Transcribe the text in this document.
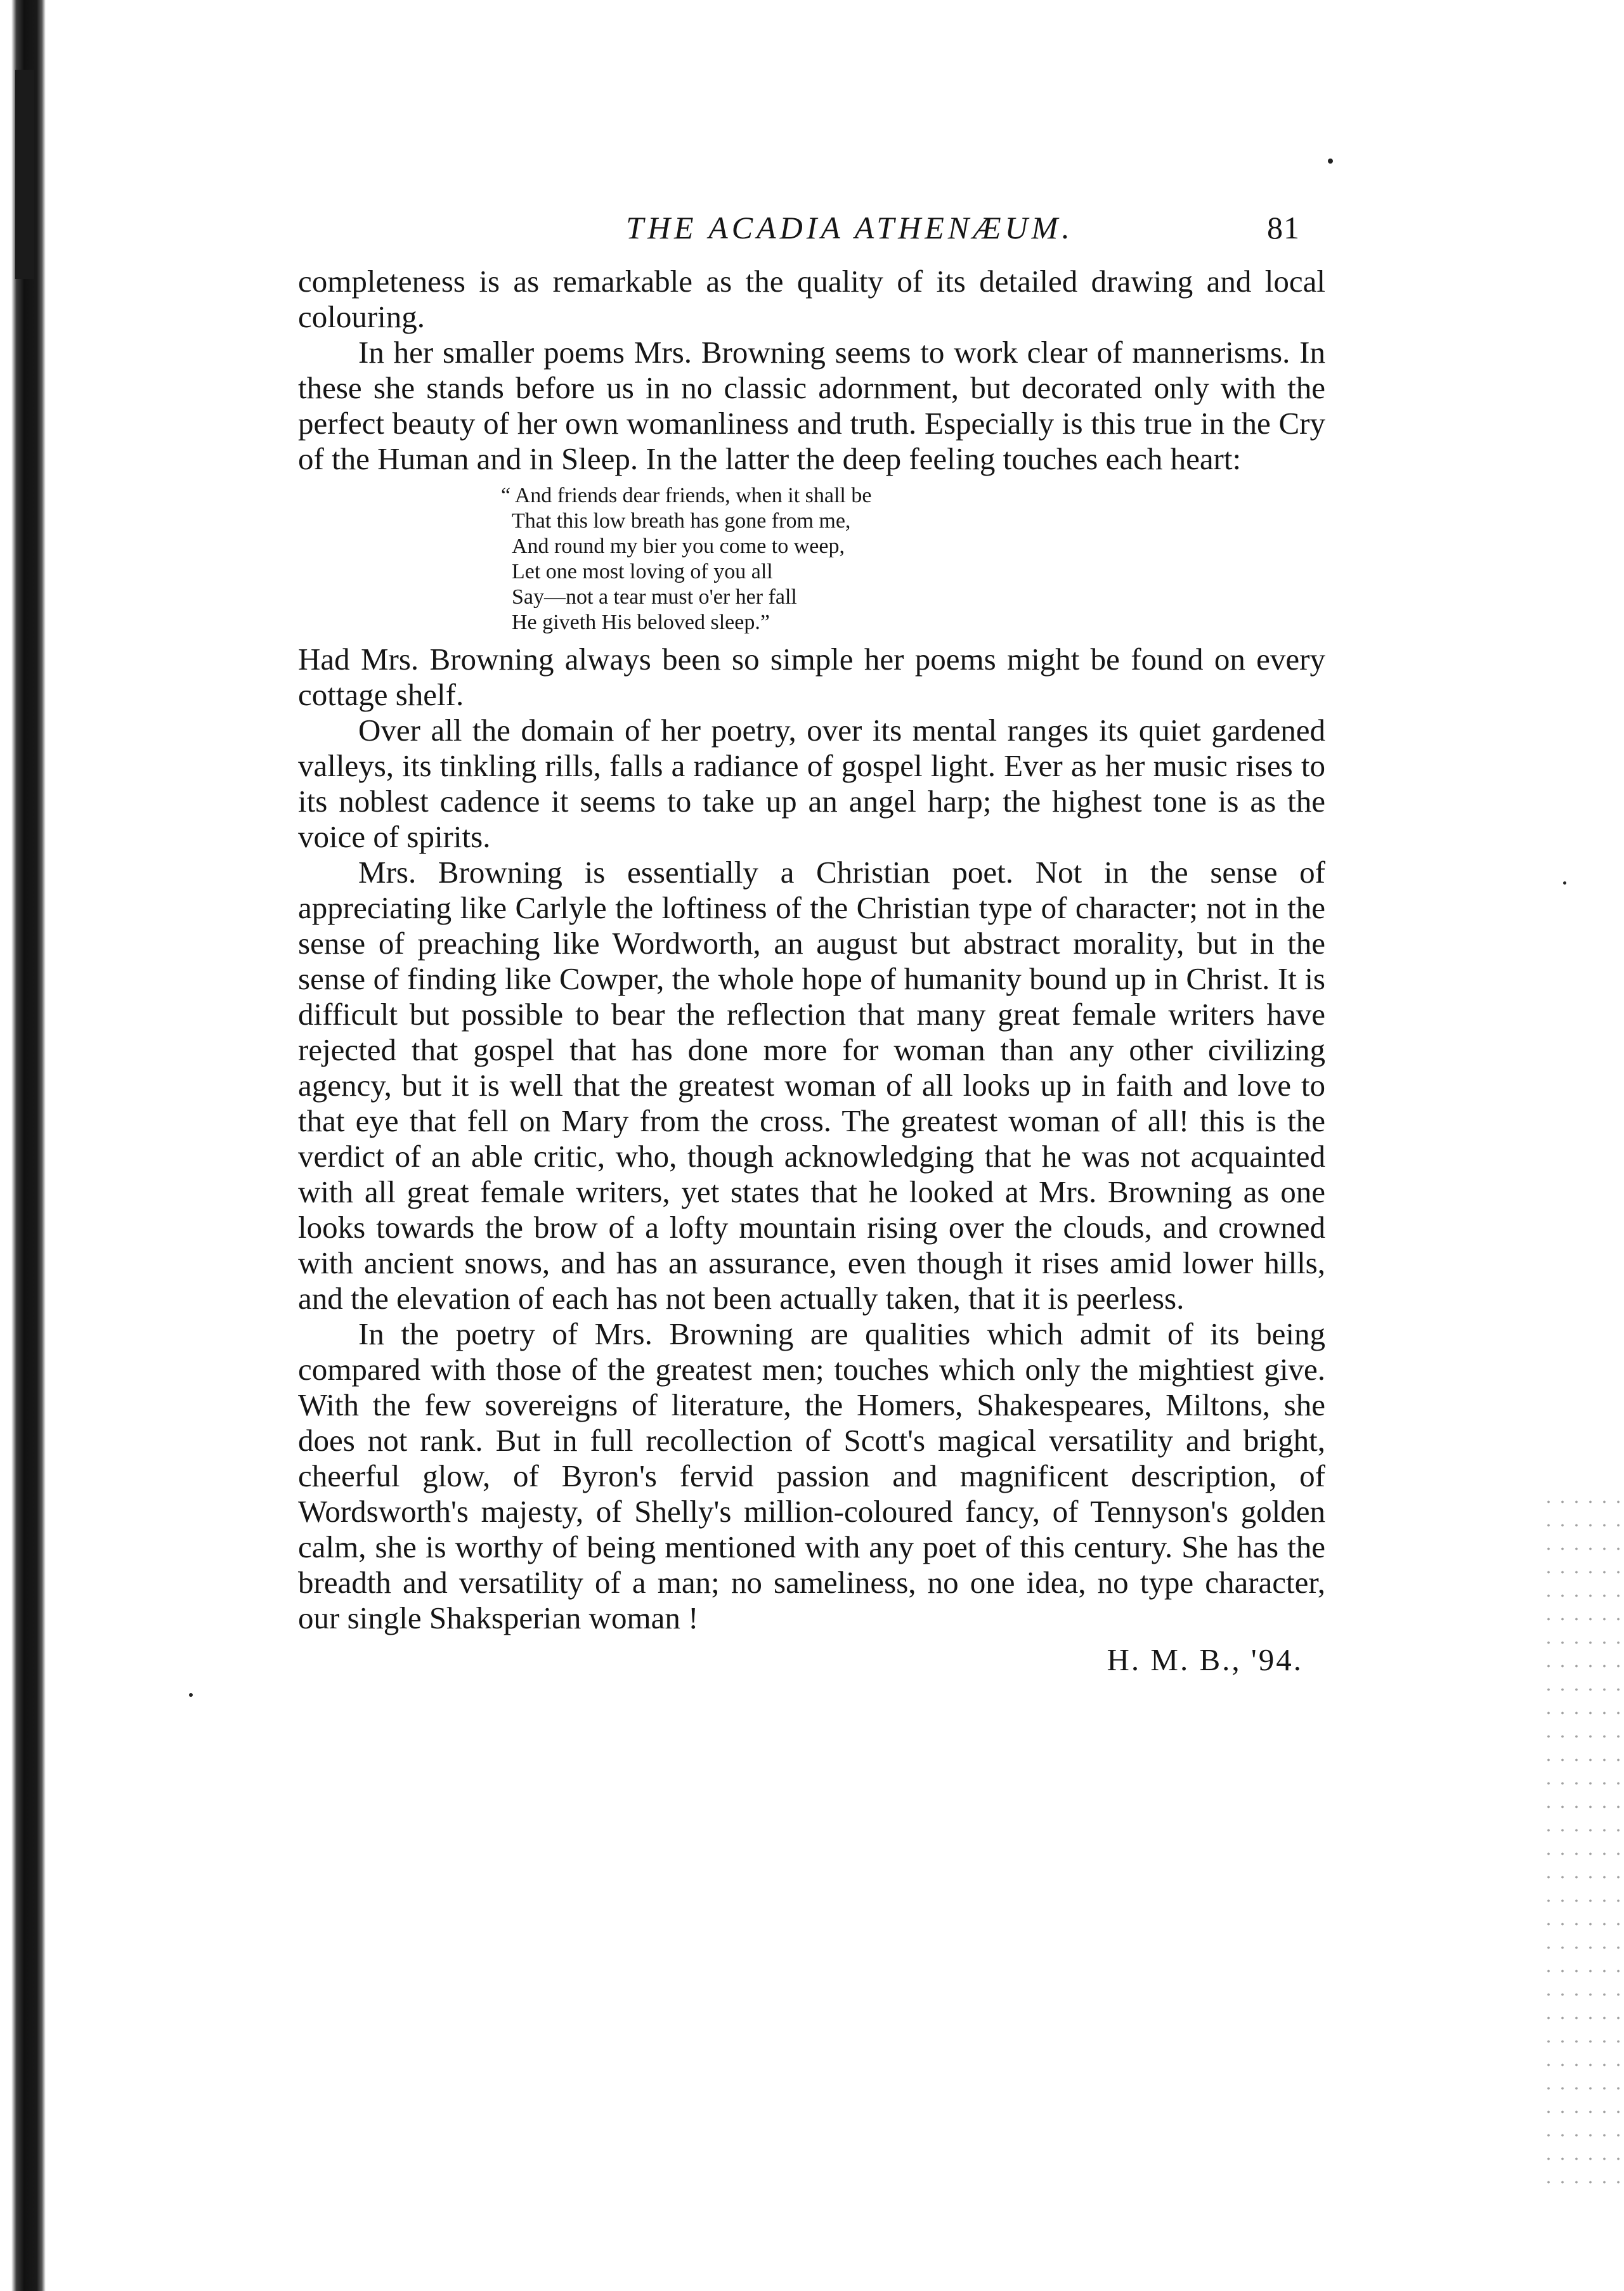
THE ACADIA ATHENÆUM.	81

completeness is as remarkable as the quality of its detailed drawing and local colouring.

In her smaller poems Mrs. Browning seems to work clear of mannerisms. In these she stands before us in no classic adornment, but decorated only with the perfect beauty of her own womanliness and truth. Especially is this true in the Cry of the Human and in Sleep. In the latter the deep feeling touches each heart:

“ And friends dear friends, when it shall be
That this low breath has gone from me,
And round my bier you come to weep,
Let one most loving of you all
Say—not a tear must o'er her fall
He giveth His beloved sleep.”

Had Mrs. Browning always been so simple her poems might be found on every cottage shelf.

Over all the domain of her poetry, over its mental ranges its quiet gardened valleys, its tinkling rills, falls a radiance of gospel light. Ever as her music rises to its noblest cadence it seems to take up an angel harp; the highest tone is as the voice of spirits.

Mrs. Browning is essentially a Christian poet. Not in the sense of appreciating like Carlyle the loftiness of the Christian type of character; not in the sense of preaching like Wordworth, an august but abstract morality, but in the sense of finding like Cowper, the whole hope of humanity bound up in Christ. It is difficult but possible to bear the reflection that many great female writers have rejected that gospel that has done more for woman than any other civilizing agency, but it is well that the greatest woman of all looks up in faith and love to that eye that fell on Mary from the cross. The greatest woman of all! this is the verdict of an able critic, who, though acknowledging that he was not acquainted with all great female writers, yet states that he looked at Mrs. Browning as one looks towards the brow of a lofty mountain rising over the clouds, and crowned with ancient snows, and has an assurance, even though it rises amid lower hills, and the elevation of each has not been actually taken, that it is peerless.

In the poetry of Mrs. Browning are qualities which admit of its being compared with those of the greatest men; touches which only the mightiest give. With the few sovereigns of literature, the Homers, Shakespeares, Miltons, she does not rank. But in full recollection of Scott's magical versatility and bright, cheerful glow, of Byron's fervid passion and magnificent description, of Wordsworth's majesty, of Shelly's million-coloured fancy, of Tennyson's golden calm, she is worthy of being mentioned with any poet of this century. She has the breadth and versatility of a man; no sameliness, no one idea, no type character, our single Shaksperian woman !

H. M. B., '94.
